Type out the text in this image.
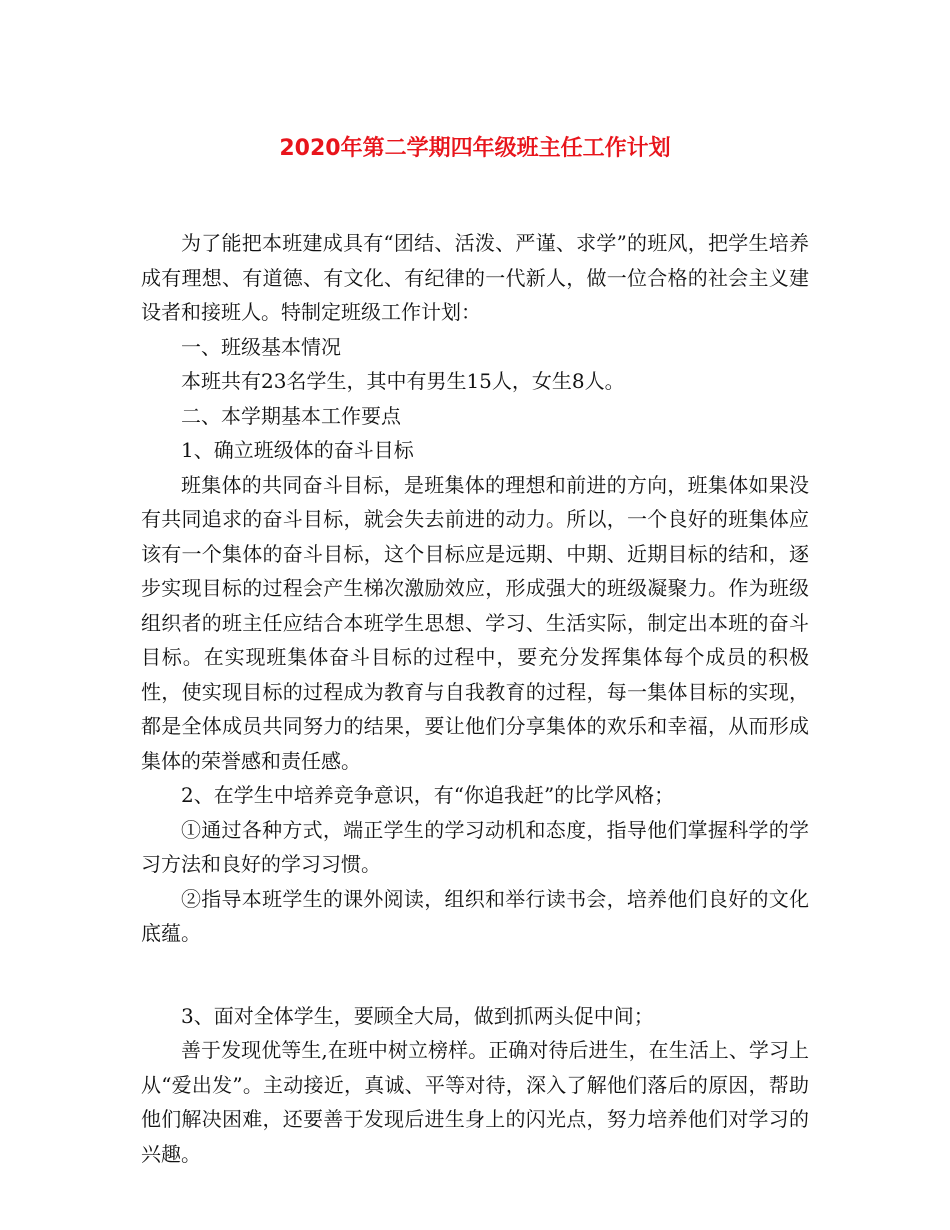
2020年第二学期四年级班主任工作计划

为了能把本班建成具有“团结、活泼、严谨、求学”的班风，把学生培养成有理想、有道德、有文化、有纪律的一代新人，做一位合格的社会主义建设者和接班人。特制定班级工作计划：

一、班级基本情况

本班共有23名学生，其中有男生15人，女生8人。

二、本学期基本工作要点

1、确立班级体的奋斗目标

班集体的共同奋斗目标，是班集体的理想和前进的方向，班集体如果没有共同追求的奋斗目标，就会失去前进的动力。所以，一个良好的班集体应该有一个集体的奋斗目标，这个目标应是远期、中期、近期目标的结和，逐步实现目标的过程会产生梯次激励效应，形成强大的班级凝聚力。作为班级组织者的班主任应结合本班学生思想、学习、生活实际，制定出本班的奋斗目标。在实现班集体奋斗目标的过程中，要充分发挥集体每个成员的积极性，使实现目标的过程成为教育与自我教育的过程，每一集体目标的实现，都是全体成员共同努力的结果，要让他们分享集体的欢乐和幸福，从而形成集体的荣誉感和责任感。

2、在学生中培养竞争意识，有“你追我赶”的比学风格；

①通过各种方式，端正学生的学习动机和态度，指导他们掌握科学的学习方法和良好的学习习惯。

②指导本班学生的课外阅读，组织和举行读书会，培养他们良好的文化底蕴。

3、面对全体学生，要顾全大局，做到抓两头促中间；

善于发现优等生,在班中树立榜样。正确对待后进生，在生活上、学习上从“爱出发”。主动接近，真诚、平等对待，深入了解他们落后的原因，帮助他们解决困难，还要善于发现后进生身上的闪光点，努力培养他们对学习的兴趣。
